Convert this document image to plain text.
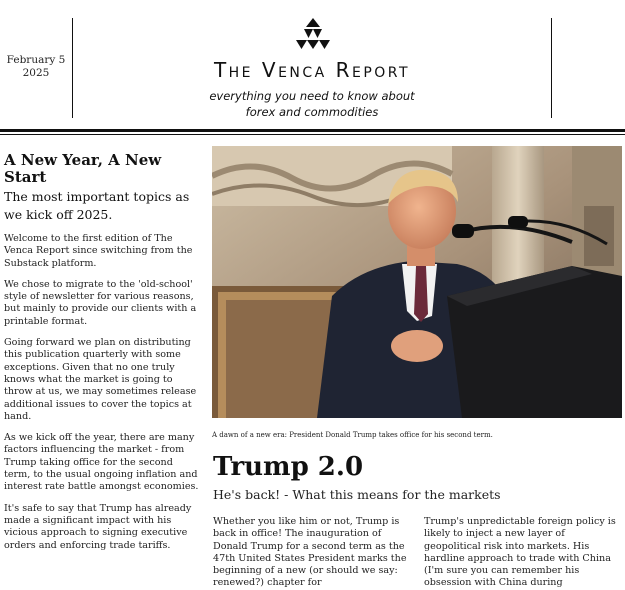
February 5
2025	The Venca Report
everything you need to know about
forex and commodities
A New Year, A New Start
The most important topics as we kick off 2025.

Welcome to the first edition of The Venca Report since switching from the Substack platform.

We chose to migrate to the 'old-school' style of newsletter for various reasons, but mainly to provide our clients with a printable format.

Going forward we plan on distributing this publication quarterly with some exceptions. Given that no one truly knows what the market is going to throw at us, we may sometimes release additional issues to cover the topics at hand.

As we kick off the year, there are many factors influencing the market - from Trump taking office for the second term, to the usual ongoing inflation and interest rate battle amongst economies.

It's safe to say that Trump has already made a significant impact with his vicious approach to signing executive orders and enforcing trade tariffs.

A dawn of a new era: President Donald Trump takes office for his second term.
Trump 2.0
He's back! - What this means for the markets
Whether you like him or not, Trump is back in office! The inauguration of Donald Trump for a second term as the 47th United States President marks the beginning of a new (or should we say: renewed?) chapter for
Trump's unpredictable foreign policy is likely to inject a new layer of geopolitical risk into markets. His hardline approach to trade with China (I'm sure you can remember his obsession with China during
